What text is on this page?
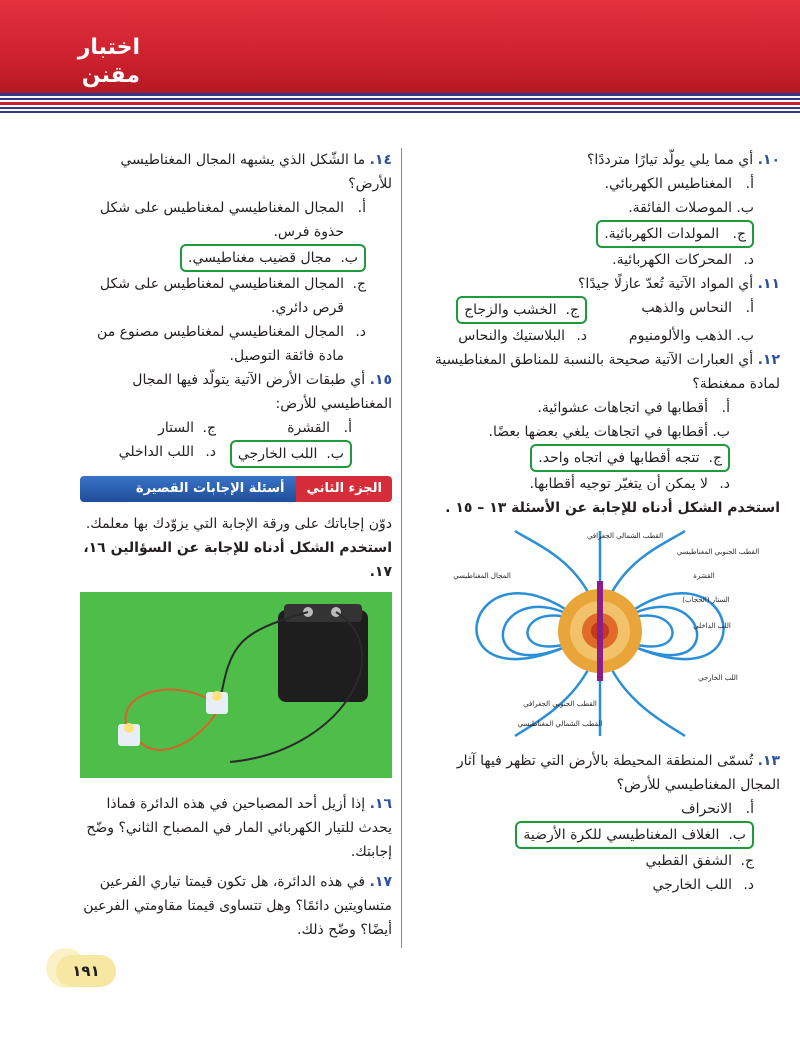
اختبار
مقنن

١٠. أي مما يلي يولّد تيارًا مترددًا؟

أ.
المغناطيس الكهربائي.
ب.
الموصلات الفائقة.
ج.   المولدات الكهربائية.
د.
المحركات الكهربائية.

١١. أي المواد الآتية تُعدّ عازلًا جيدًا؟

أ.
النحاس والذهب
ج.  الخشب والزجاج
ب.
الذهب والألومنيوم
د.
البلاستيك والنحاس

١٢. أي العبارات الآتية صحيحة بالنسبة للمناطق المغناطيسية لمادة ممغنطة؟

أ.
أقطابها في اتجاهات عشوائية.
ب.
أقطابها في اتجاهات يلغي بعضها بعضًا.
ج.  تتجه أقطابها في اتجاه واحد.
د.
لا يمكن أن يتغيّر توجيه أقطابها.

استخدم الشكل أدناه للإجابة عن الأسئلة ١٣ – ١٥ .

القطب الشمالي الجغرافي
القطب الجنوبي المغناطيسي
المجال المغناطيسي	القشرة
الستار (الحجاب)
اللب الداخلي
اللب الخارجي
القطب الجنوبي الجغرافي
القطب الشمالي المغناطيسي

١٣. تُسمّى المنطقة المحيطة بالأرض التي تظهر فيها آثار المجال المغناطيسي للأرض؟

أ.
الانحراف
ب.  الغلاف المغناطيسي للكرة الأرضية
ج.
الشفق القطبي
د.
اللب الخارجي

١٤. ما الشّكل الذي يشبهه المجال المغناطيسي للأرض؟

أ.
المجال المغناطيسي لمغناطيس على شكل حذوة فرس.
ب.  مجال قضيب مغناطيسي.
ج.
المجال المغناطيسي لمغناطيس على شكل قرص دائري.
د.
المجال المغناطيسي لمغناطيس مصنوع من مادة فائقة التوصيل.

١٥. أي طبقات الأرض الآتية يتولّد فيها المجال المغناطيسي للأرض:

أ.
القشرة
ج.
الستار
ب.  اللب الخارجي
د.
اللب الداخلي
الجزء الثاني
أسئلة الإجابات القصيرة

دوّن إجاباتك على ورقة الإجابة التي يزوّدك بها معلمك.

استخدم الشكل أدناه للإجابة عن السؤالين ١٦، ١٧.

١٦. إذا أزيل أحد المصباحين في هذه الدائرة فماذا يحدث للتيار الكهربائي المار في المصباح الثاني؟ وضّح إجابتك.

١٧. في هذه الدائرة، هل تكون قيمتا تياري الفرعين متساويتين دائمًا؟ وهل تتساوى قيمتا مقاومتي الفرعين أيضًا؟ وضّح ذلك.

١٩١
